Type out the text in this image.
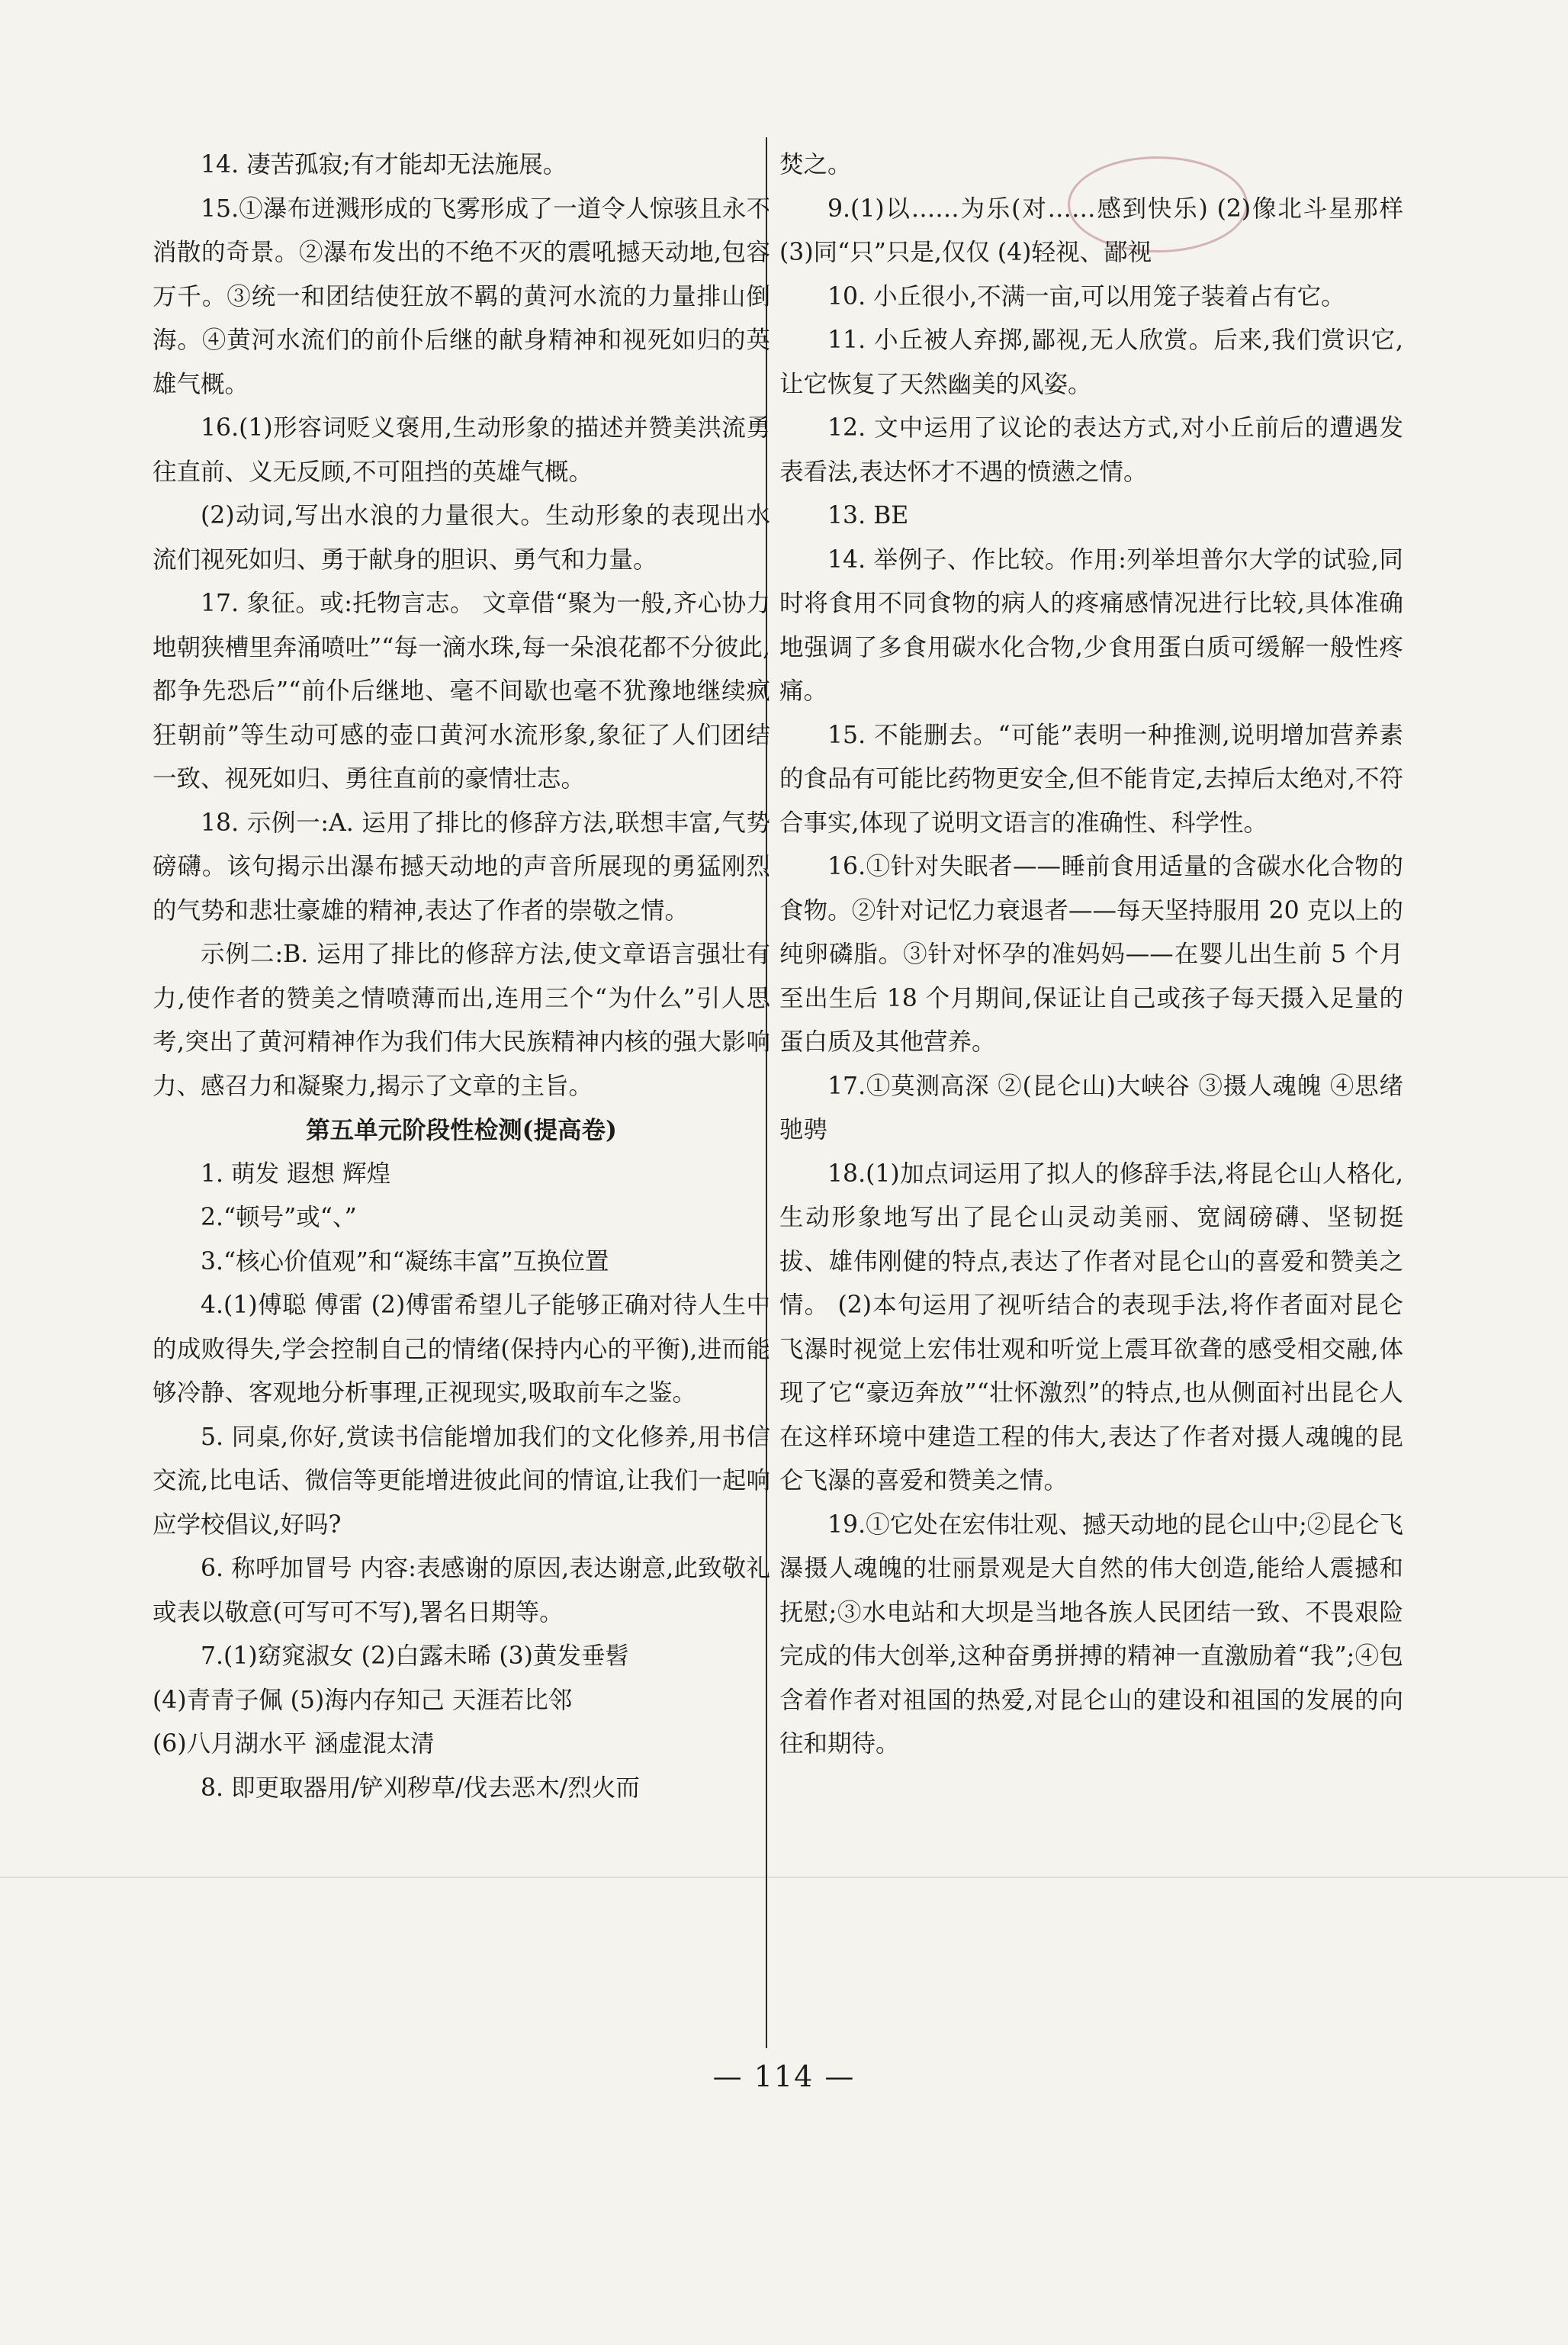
14. 凄苦孤寂;有才能却无法施展。

15.①瀑布迸溅形成的飞雾形成了一道令人惊骇且永不消散的奇景。②瀑布发出的不绝不灭的震吼撼天动地,包容万千。③统一和团结使狂放不羁的黄河水流的力量排山倒海。④黄河水流们的前仆后继的献身精神和视死如归的英雄气概。

16.(1)形容词贬义褒用,生动形象的描述并赞美洪流勇往直前、义无反顾,不可阻挡的英雄气概。

(2)动词,写出水浪的力量很大。生动形象的表现出水流们视死如归、勇于献身的胆识、勇气和力量。

17. 象征。或:托物言志。 文章借“聚为一般,齐心协力地朝狭槽里奔涌喷吐”“每一滴水珠,每一朵浪花都不分彼此,都争先恐后”“前仆后继地、毫不间歇也毫不犹豫地继续疯狂朝前”等生动可感的壶口黄河水流形象,象征了人们团结一致、视死如归、勇往直前的豪情壮志。

18. 示例一:A. 运用了排比的修辞方法,联想丰富,气势磅礴。该句揭示出瀑布撼天动地的声音所展现的勇猛刚烈的气势和悲壮豪雄的精神,表达了作者的崇敬之情。

示例二:B. 运用了排比的修辞方法,使文章语言强壮有力,使作者的赞美之情喷薄而出,连用三个“为什么”引人思考,突出了黄河精神作为我们伟大民族精神内核的强大影响力、感召力和凝聚力,揭示了文章的主旨。

第五单元阶段性检测(提高卷)

1. 萌发 遐想 辉煌

2.“顿号”或“、”

3.“核心价值观”和“凝练丰富”互换位置

4.(1)傅聪 傅雷 (2)傅雷希望儿子能够正确对待人生中的成败得失,学会控制自己的情绪(保持内心的平衡),进而能够冷静、客观地分析事理,正视现实,吸取前车之鉴。

5. 同桌,你好,赏读书信能增加我们的文化修养,用书信交流,比电话、微信等更能增进彼此间的情谊,让我们一起响应学校倡议,好吗?

6. 称呼加冒号 内容:表感谢的原因,表达谢意,此致敬礼或表以敬意(可写可不写),署名日期等。

7.(1)窈窕淑女 (2)白露未晞 (3)黄发垂髫

(4)青青子佩 (5)海内存知己 天涯若比邻

(6)八月湖水平 涵虚混太清

8. 即更取器用/铲刈秽草/伐去恶木/烈火而

焚之。

9.(1)以……为乐(对……感到快乐) (2)像北斗星那样 (3)同“只”只是,仅仅 (4)轻视、鄙视

10. 小丘很小,不满一亩,可以用笼子装着占有它。

11. 小丘被人弃掷,鄙视,无人欣赏。后来,我们赏识它,让它恢复了天然幽美的风姿。

12. 文中运用了议论的表达方式,对小丘前后的遭遇发表看法,表达怀才不遇的愤懑之情。

13. BE

14. 举例子、作比较。作用:列举坦普尔大学的试验,同时将食用不同食物的病人的疼痛感情况进行比较,具体准确地强调了多食用碳水化合物,少食用蛋白质可缓解一般性疼痛。

15. 不能删去。“可能”表明一种推测,说明增加营养素的食品有可能比药物更安全,但不能肯定,去掉后太绝对,不符合事实,体现了说明文语言的准确性、科学性。

16.①针对失眠者——睡前食用适量的含碳水化合物的食物。②针对记忆力衰退者——每天坚持服用 20 克以上的纯卵磷脂。③针对怀孕的准妈妈——在婴儿出生前 5 个月至出生后 18 个月期间,保证让自己或孩子每天摄入足量的蛋白质及其他营养。

17.①莫测高深 ②(昆仑山)大峡谷 ③摄人魂魄 ④思绪驰骋

18.(1)加点词运用了拟人的修辞手法,将昆仑山人格化,生动形象地写出了昆仑山灵动美丽、宽阔磅礴、坚韧挺拔、雄伟刚健的特点,表达了作者对昆仑山的喜爱和赞美之情。 (2)本句运用了视听结合的表现手法,将作者面对昆仑飞瀑时视觉上宏伟壮观和听觉上震耳欲聋的感受相交融,体现了它“豪迈奔放”“壮怀激烈”的特点,也从侧面衬出昆仑人在这样环境中建造工程的伟大,表达了作者对摄人魂魄的昆仑飞瀑的喜爱和赞美之情。

19.①它处在宏伟壮观、撼天动地的昆仑山中;②昆仑飞瀑摄人魂魄的壮丽景观是大自然的伟大创造,能给人震撼和抚慰;③水电站和大坝是当地各族人民团结一致、不畏艰险完成的伟大创举,这种奋勇拼搏的精神一直激励着“我”;④包含着作者对祖国的热爱,对昆仑山的建设和祖国的发展的向往和期待。

— 114 —
